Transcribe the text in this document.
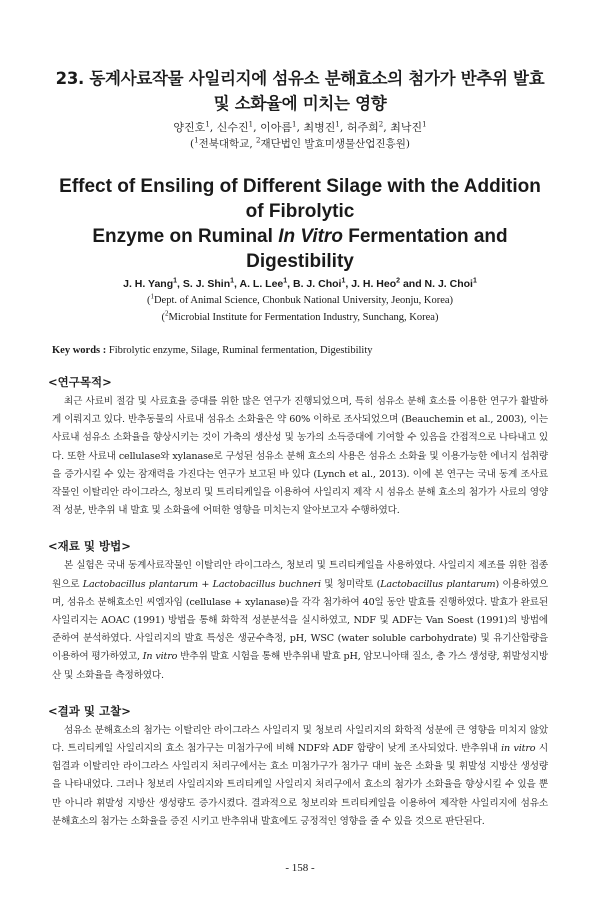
23. 동계사료작물 사일리지에 섬유소 분해효소의 첨가가 반추위 발효
및 소화율에 미치는 영향
양진호$^1$, 신수진$^1$, 이아름$^1$, 최병진$^1$, 허주희$^2$, 최낙진$^1$
($^1$전북대학교, $^2$재단법인 발효미생물산업진흥원)
Effect of Ensiling of Different Silage with the Addition of Fibrolytic
Enzyme on Ruminal In Vitro Fermentation and Digestibility
J. H. Yang$^1$, S. J. Shin$^1$, A. L. Lee$^1$, B. J. Choi$^1$, J. H. Heo$^2$ and N. J. Choi$^1$
($^1$Dept. of Animal Science, Chonbuk National University, Jeonju, Korea)
($^2$Microbial Institute for Fermentation Industry, Sunchang, Korea)
Key words : Fibrolytic enzyme, Silage, Ruminal fermentation, Digestibility
<연구목적>

최근 사료비 절감 및 사료효율 증대를 위한 많은 연구가 진행되었으며, 특히 섬유소 분해 효소를 이용한 연구가 활발하게 이뤄지고 있다. 반추동물의 사료내 섬유소 소화율은 약 60% 이하로 조사되었으며 (Beauchemin et al., 2003), 이는 사료내 섬유소 소화율을 향상시키는 것이 가축의 생산성 및 농가의 소득증대에 기여할 수 있음을 간접적으로 나타내고 있다. 또한 사료내 cellulase와 xylanase로 구성된 섬유소 분해 효소의 사용은 섬유소 소화율 및 이용가능한 에너지 섭취량을 증가시킬 수 있는 잠재력을 가진다는 연구가 보고된 바 있다 (Lynch et al., 2013). 이에 본 연구는 국내 동계 조사료작물인 이탈리안 라이그라스, 청보리 및 트리티케일을 이용하여 사일리지 제작 시 섬유소 분해 효소의 첨가가 사료의 영양적 성분, 반추위 내 발효 및 소화율에 어떠한 영향을 미치는지 알아보고자 수행하였다.

<재료 및 방법>

본 실험은 국내 동계사료작물인 이탈리안 라이그라스, 청보리 및 트리티케일을 사용하였다. 사일리지 제조를 위한 접종원으로 Lactobacillus plantarum + Lactobacillus buchneri 및 청미락토 (Lactobacillus plantarum) 이용하였으며, 섬유소 분해효소인 씨엠자임 (cellulase + xylanase)을 각각 첨가하여 40일 동안 발효를 진행하였다. 발효가 완료된 사일리지는 AOAC (1991) 방법을 통해 화학적 성분분석을 실시하였고, NDF 및 ADF는 Van Soest (1991)의 방법에 준하여 분석하였다. 사일리지의 발효 특성은 생균수측정, pH, WSC (water soluble carbohydrate) 및 유기산함량을 이용하여 평가하였고, In vitro 반추위 발효 시험을 통해 반추위내 발효 pH, 암모니아태 질소, 총 가스 생성량, 휘발성지방산 및 소화율을 측정하였다.

<결과 및 고찰>

섬유소 분해효소의 첨가는 이탈리안 라이그라스 사일리지 및 청보리 사일리지의 화학적 성분에 큰 영향을 미치지 않았다. 트리티케일 사일리지의 효소 첨가구는 미첨가구에 비해 NDF와 ADF 함량이 낮게 조사되었다. 반추위내 in vitro 시험결과 이탈리안 라이그라스 사일리지 처리구에서는 효소 미첨가구가 첨가구 대비 높은 소화율 및 휘발성 지방산 생성량을 나타내었다. 그러나 청보리 사일리지와 트리티케일 사일리지 처리구에서 효소의 첨가가 소화율을 향상시킬 수 있을 뿐만 아니라 휘발성 지방산 생성량도 증가시켰다. 결과적으로 청보리와 트리티케일을 이용하여 제작한 사일리지에 섬유소 분해효소의 첨가는 소화율을 증진 시키고 반추위내 발효에도 긍정적인 영향을 줄 수 있을 것으로 판단된다.

- 158 -
